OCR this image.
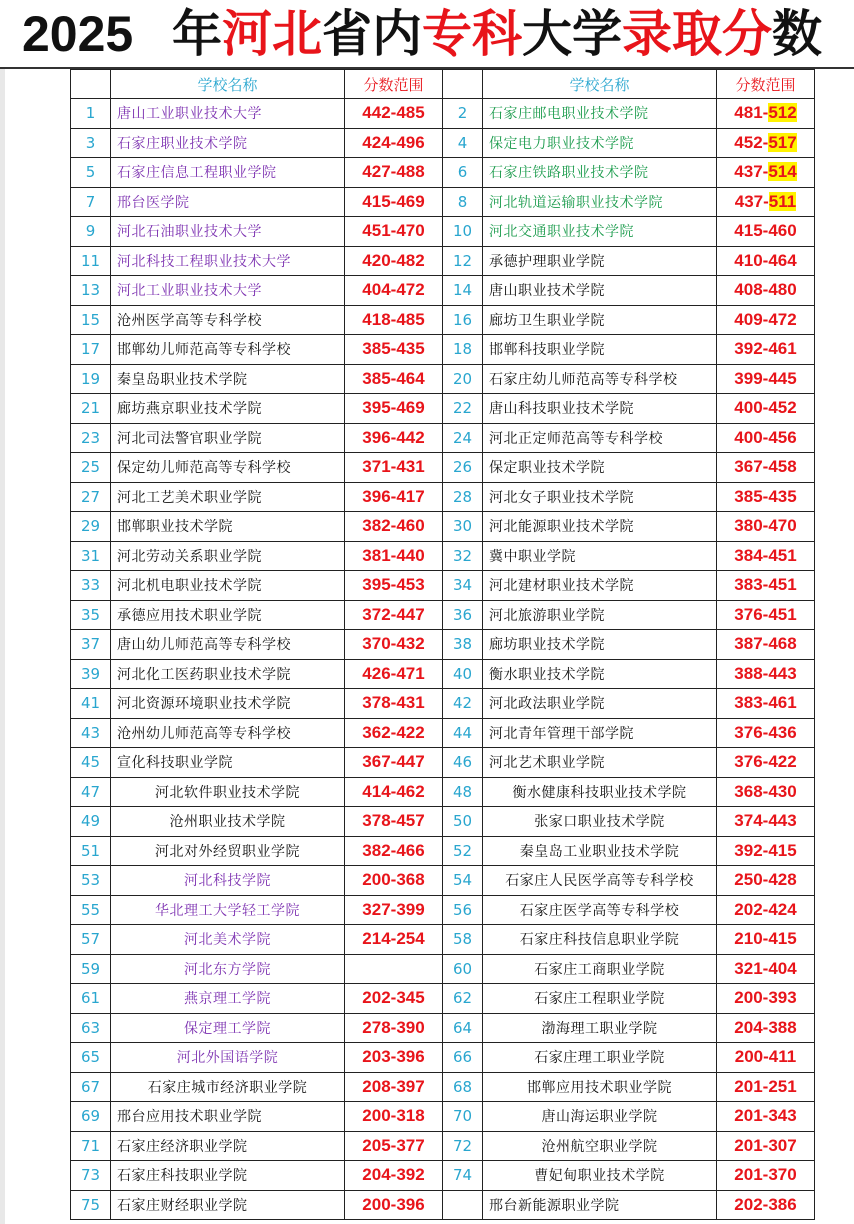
2025 年 河北 省内 专科 大学 录取分 数
	学校名称	分数范围		学校名称	分数范围
1	唐山工业职业技术大学	442-485	2	石家庄邮电职业技术学院	481-512
3	石家庄职业技术学院	424-496	4	保定电力职业技术学院	452-517
5	石家庄信息工程职业学院	427-488	6	石家庄铁路职业技术学院	437-514
7	邢台医学院	415-469	8	河北轨道运输职业技术学院	437-511
9	河北石油职业技术大学	451-470	10	河北交通职业技术学院	415-460
11	河北科技工程职业技术大学	420-482	12	承德护理职业学院	410-464
13	河北工业职业技术大学	404-472	14	唐山职业技术学院	408-480
15	沧州医学高等专科学校	418-485	16	廊坊卫生职业学院	409-472
17	邯郸幼儿师范高等专科学校	385-435	18	邯郸科技职业学院	392-461
19	秦皇岛职业技术学院	385-464	20	石家庄幼儿师范高等专科学校	399-445
21	廊坊燕京职业技术学院	395-469	22	唐山科技职业技术学院	400-452
23	河北司法警官职业学院	396-442	24	河北正定师范高等专科学校	400-456
25	保定幼儿师范高等专科学校	371-431	26	保定职业技术学院	367-458
27	河北工艺美术职业学院	396-417	28	河北女子职业技术学院	385-435
29	邯郸职业技术学院	382-460	30	河北能源职业技术学院	380-470
31	河北劳动关系职业学院	381-440	32	冀中职业学院	384-451
33	河北机电职业技术学院	395-453	34	河北建材职业技术学院	383-451
35	承德应用技术职业学院	372-447	36	河北旅游职业学院	376-451
37	唐山幼儿师范高等专科学校	370-432	38	廊坊职业技术学院	387-468
39	河北化工医药职业技术学院	426-471	40	衡水职业技术学院	388-443
41	河北资源环境职业技术学院	378-431	42	河北政法职业学院	383-461
43	沧州幼儿师范高等专科学校	362-422	44	河北青年管理干部学院	376-436
45	宣化科技职业学院	367-447	46	河北艺术职业学院	376-422
47	河北软件职业技术学院	414-462	48	衡水健康科技职业技术学院	368-430
49	沧州职业技术学院	378-457	50	张家口职业技术学院	374-443
51	河北对外经贸职业学院	382-466	52	秦皇岛工业职业技术学院	392-415
53	河北科技学院	200-368	54	石家庄人民医学高等专科学校	250-428
55	华北理工大学轻工学院	327-399	56	石家庄医学高等专科学校	202-424
57	河北美术学院	214-254	58	石家庄科技信息职业学院	210-415
59	河北东方学院		60	石家庄工商职业学院	321-404
61	燕京理工学院	202-345	62	石家庄工程职业学院	200-393
63	保定理工学院	278-390	64	渤海理工职业学院	204-388
65	河北外国语学院	203-396	66	石家庄理工职业学院	200-411
67	石家庄城市经济职业学院	208-397	68	邯郸应用技术职业学院	201-251
69	邢台应用技术职业学院	200-318	70	唐山海运职业学院	201-343
71	石家庄经济职业学院	205-377	72	沧州航空职业学院	201-307
73	石家庄科技职业学院	204-392	74	曹妃甸职业技术学院	201-370
75	石家庄财经职业学院	200-396		邢台新能源职业学院	202-386
